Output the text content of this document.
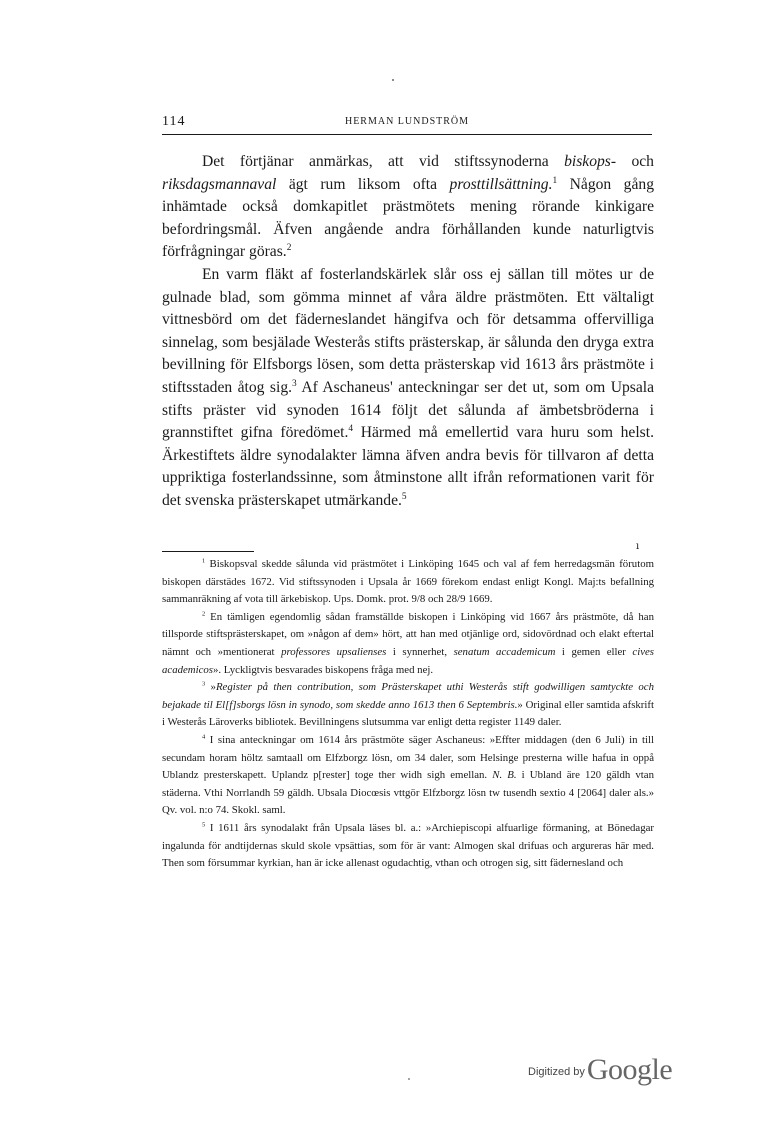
114	HERMAN LUNDSTRÖM

Det förtjänar anmärkas, att vid stiftssynoderna biskops- och riksdagsmannaval ägt rum liksom ofta prosttillsättning.$^1$ Någon gång inhämtade också domkapitlet prästmötets mening rörande kinkigare befordringsmål. Äfven angående andra förhållanden kunde naturligtvis förfrågningar göras.$^2$

En varm fläkt af fosterlandskärlek slår oss ej sällan till mötes ur de gulnade blad, som gömma minnet af våra äldre prästmöten. Ett vältaligt vittnesbörd om det fäderneslandet hängifva och för detsamma offervilliga sinnelag, som besjälade Westerås stifts prästerskap, är sålunda den dryga extra bevillning för Elfsborgs lösen, som detta prästerskap vid 1613 års prästmöte i stiftsstaden åtog sig.$^3$ Af Aschaneus' anteckningar ser det ut, som om Upsala stifts präster vid synoden 1614 följt det sålunda af ämbetsbröderna i grannstiftet gifna föredömet.$^4$ Härmed må emellertid vara huru som helst. Ärkestiftets äldre synodalakter lämna äfven andra bevis för tillvaron af detta uppriktiga fosterlandssinne, som åtminstone allt ifrån reformationen varit för det svenska prästerskapet utmärkande.$^5$

ı

$^1$ Biskopsval skedde sålunda vid prästmötet i Linköping 1645 och val af fem herredagsmän förutom biskopen därstädes 1672. Vid stiftssynoden i Upsala år 1669 förekom endast enligt Kongl. Maj:ts befallning sammanräkning af vota till ärkebiskop. Ups. Domk. prot. 9/8 och 28/9 1669.

$^2$ En tämligen egendomlig sådan framställde biskopen i Linköping vid 1667 års prästmöte, då han tillsporde stiftsprästerskapet, om »någon af dem» hört, att han med otjänlige ord, sidovördnad och elakt eftertal nämnt och »mentionerat professores upsalienses i synnerhet, senatum accademicum i gemen eller cives academicos». Lyckligtvis besvarades biskopens fråga med nej.

$^3$ »Register på then contribution, som Prästerskapet uthi Westerås stift godwilligen samtyckte och bejakade til El[f]sborgs lösn in synodo, som skedde anno 1613 then 6 Septembris.» Original eller samtida afskrift i Westerås Läroverks bibliotek. Bevillningens slutsumma var enligt detta register 1149 daler.

$^4$ I sina anteckningar om 1614 års prästmöte säger Aschaneus: »Effter middagen (den 6 Juli) in till secundam horam höltz samtaall om Elfzborgz lösn, om 34 daler, som Helsinge presterna wille hafua in oppå Ublandz presterskapett. Uplandz p[rester] toge ther widh sigh emellan. N. B. i Ubland äre 120 gäldh vtan städerna. Vthi Norrlandh 59 gäldh. Ubsala Diocœsis vttgör Elfzborgz lösn tw tusendh sextio 4 [2064] daler als.» Qv. vol. n:o 74. Skokl. saml.

$^5$ I 1611 års synodalakt från Upsala läses bl. a.: »Archiepiscopi alfuarlige förmaning, at Bönedagar ingalunda för andtijdernas skuld skole vpsättias, som för är vant: Almogen skal drifuas och argureras här med. Then som försummar kyrkian, han är icke allenast ogudachtig, vthan och otrogen sig, sitt fädernesland och

Digitized by Google
